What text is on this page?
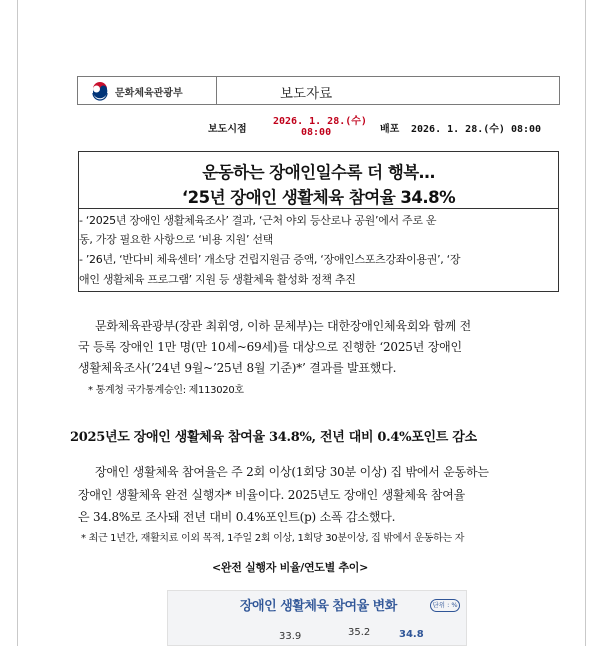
문화체육관광부	보도자료
보도시점
2026. 1. 28.(수)
08:00	배포 2026. 1. 28.(수) 08:00
운동하는 장애인일수록 더 행복…
‘25년 장애인 생활체육 참여율 34.8%
- ‘2025년 장애인 생활체육조사’ 결과, ‘근처 야외 등산로나 공원’에서 주로 운
동, 가장 필요한 사항으로 ‘비용 지원’ 선택
- ’26년, ‘반다비 체육센터’ 개소당 건립지원금 증액, ‘장애인스포츠강좌이용권’, ‘장
애인 생활체육 프로그램’ 지원 등 생활체육 활성화 정책 추진
문화체육관광부(장관 최휘영, 이하 문체부)는 대한장애인체육회와 함께 전
국 등록 장애인 1만 명(만 10세~69세)를 대상으로 진행한 ‘2025년 장애인
생활체육조사(’24년 9월~’25년 8월 기준)*’ 결과를 발표했다.
* 통계청 국가통계승인: 제113020호
2025년도 장애인 생활체육 참여율 34.8%, 전년 대비 0.4%포인트 감소
장애인 생활체육 참여율은 주 2회 이상(1회당 30분 이상) 집 밖에서 운동하는
장애인 생활체육 완전 실행자* 비율이다. 2025년도 장애인 생활체육 참여율
은 34.8%로 조사돼 전년 대비 0.4%포인트(p) 소폭 감소했다.
* 최근 1년간, 재활치료 이외 목적, 1주일 2회 이상, 1회당 30분이상, 집 밖에서 운동하는 자
<완전 실행자 비율/연도별 추이>
장애인 생활체육 참여율 변화	단위 : %
33.9	35.2	34.8
